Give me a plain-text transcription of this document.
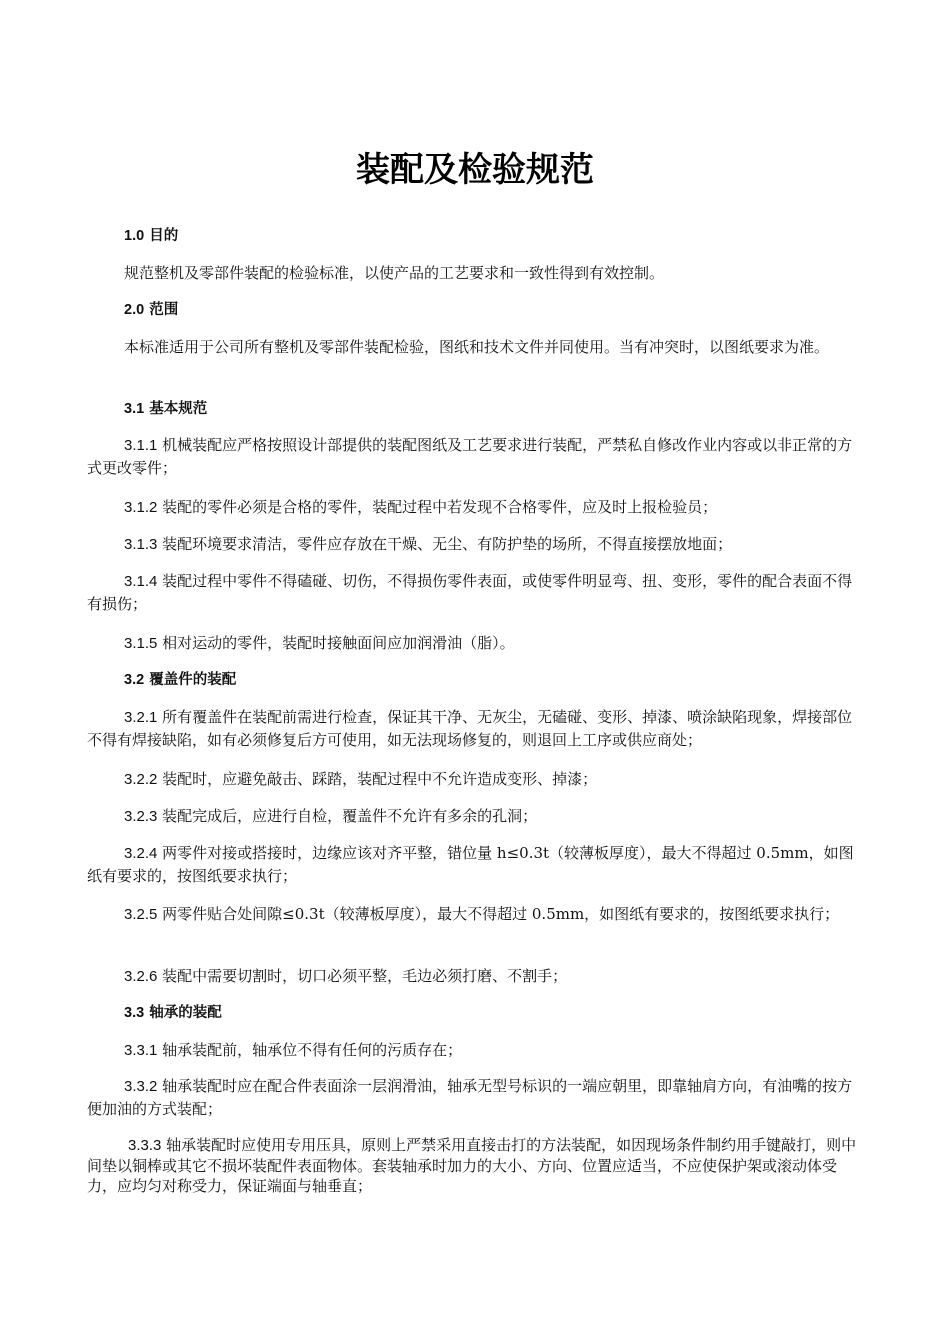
装配及检验规范
1.0 目的
规范整机及零部件装配的检验标准，以使产品的工艺要求和一致性得到有效控制。
2.0 范围
本标准适用于公司所有整机及零部件装配检验，图纸和技术文件并同使用。当有冲突时，以图纸要求为准。
3.1 基本规范
3.1.1 机械装配应严格按照设计部提供的装配图纸及工艺要求进行装配，严禁私自修改作业内容或以非正常的方式更改零件；
3.1.2 装配的零件必须是合格的零件，装配过程中若发现不合格零件，应及时上报检验员；
3.1.3 装配环境要求清洁，零件应存放在干燥、无尘、有防护垫的场所，不得直接摆放地面；
3.1.4 装配过程中零件不得磕碰、切伤，不得损伤零件表面，或使零件明显弯、扭、变形，零件的配合表面不得有损伤；
3.1.5 相对运动的零件，装配时接触面间应加润滑油（脂）。
3.2 覆盖件的装配
3.2.1 所有覆盖件在装配前需进行检查，保证其干净、无灰尘，无磕碰、变形、掉漆、喷涂缺陷现象，焊接部位不得有焊接缺陷，如有必须修复后方可使用，如无法现场修复的，则退回上工序或供应商处；
3.2.2 装配时，应避免敲击、踩踏，装配过程中不允许造成变形、掉漆；
3.2.3 装配完成后，应进行自检，覆盖件不允许有多余的孔洞；
3.2.4 两零件对接或搭接时，边缘应该对齐平整，错位量 h≤0.3t（较薄板厚度），最大不得超过 0.5mm，如图纸有要求的，按图纸要求执行；
3.2.5 两零件贴合处间隙≤0.3t（较薄板厚度），最大不得超过 0.5mm，如图纸有要求的，按图纸要求执行；
3.2.6 装配中需要切割时，切口必须平整，毛边必须打磨、不割手；
3.3 轴承的装配
3.3.1 轴承装配前，轴承位不得有任何的污质存在；
3.3.2 轴承装配时应在配合件表面涂一层润滑油，轴承无型号标识的一端应朝里，即靠轴肩方向，有油嘴的按方便加油的方式装配；
3.3.3 轴承装配时应使用专用压具，原则上严禁采用直接击打的方法装配，如因现场条件制约用手键敲打，则中间垫以铜棒或其它不损坏装配件表面物体。套装轴承时加力的大小、方向、位置应适当，不应使保护架或滚动体受力，应均匀对称受力，保证端面与轴垂直；
